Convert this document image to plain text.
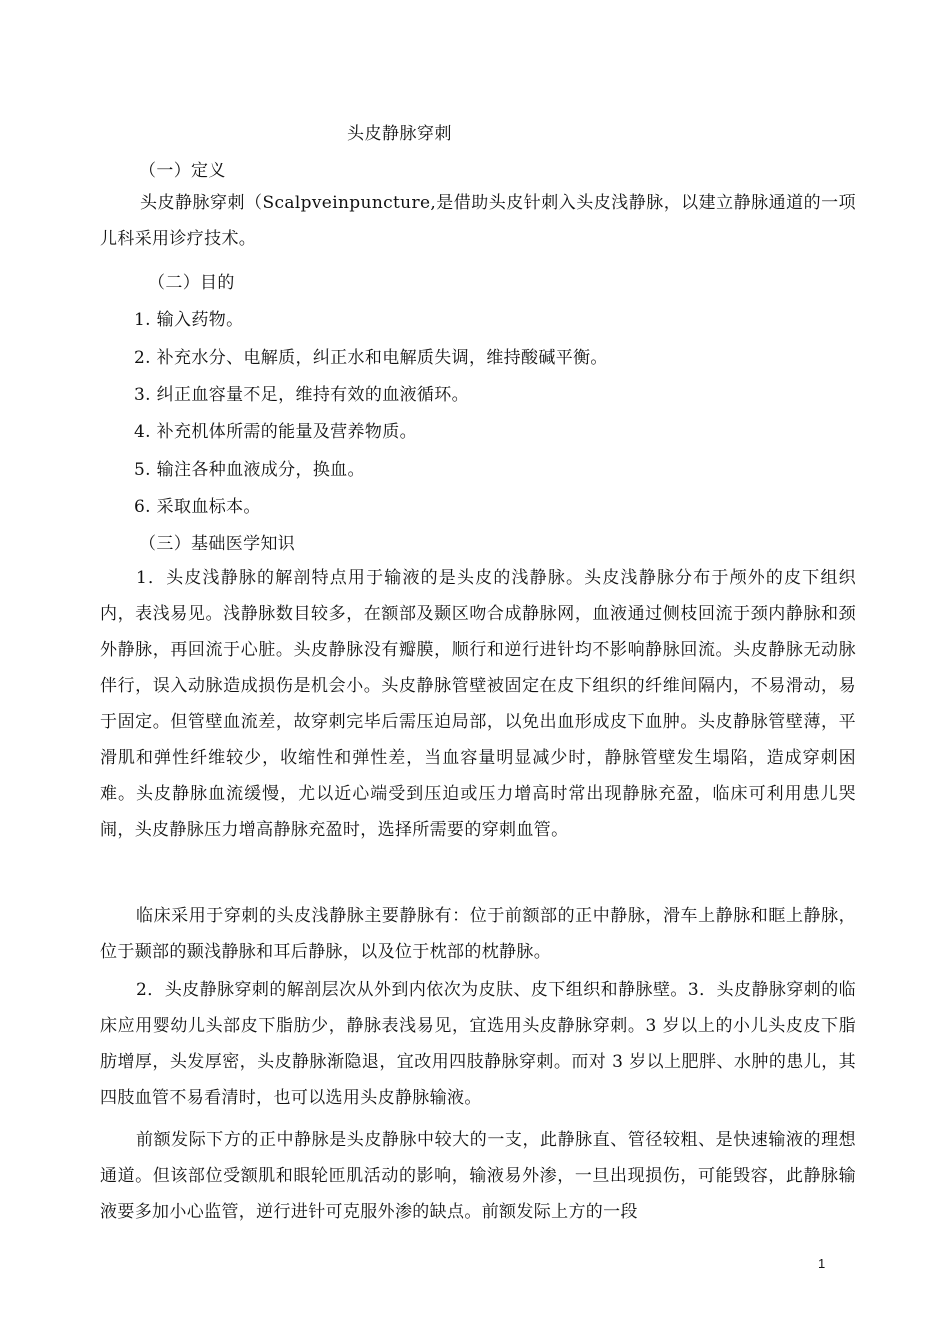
头皮静脉穿刺
（一）定义
头皮静脉穿刺（Scalpveinpuncture,是借助头皮针刺入头皮浅静脉，以建立静脉通道的一项儿科采用诊疗技术。
（二）目的
1. 输入药物。
2. 补充水分、电解质，纠正水和电解质失调，维持酸碱平衡。
3. 纠正血容量不足，维持有效的血液循环。
4. 补充机体所需的能量及营养物质。
5. 输注各种血液成分，换血。
6. 采取血标本。
（三）基础医学知识
1．头皮浅静脉的解剖特点用于输液的是头皮的浅静脉。头皮浅静脉分布于颅外的皮下组织内，表浅易见。浅静脉数目较多，在额部及颞区吻合成静脉网，血液通过侧枝回流于颈内静脉和颈外静脉，再回流于心脏。头皮静脉没有瓣膜，顺行和逆行进针均不影响静脉回流。头皮静脉无动脉伴行，误入动脉造成损伤是机会小。头皮静脉管壁被固定在皮下组织的纤维间隔内，不易滑动，易于固定。但管壁血流差，故穿刺完毕后需压迫局部，以免出血形成皮下血肿。头皮静脉管壁薄，平滑肌和弹性纤维较少，收缩性和弹性差，当血容量明显减少时，静脉管壁发生塌陷，造成穿刺困难。头皮静脉血流缓慢，尤以近心端受到压迫或压力增高时常出现静脉充盈，临床可利用患儿哭闹，头皮静脉压力增高静脉充盈时，选择所需要的穿刺血管。
临床采用于穿刺的头皮浅静脉主要静脉有：位于前额部的正中静脉，滑车上静脉和眶上静脉，位于颞部的颞浅静脉和耳后静脉，以及位于枕部的枕静脉。
2．头皮静脉穿刺的解剖层次从外到内依次为皮肤、皮下组织和静脉壁。3．头皮静脉穿刺的临床应用婴幼儿头部皮下脂肪少，静脉表浅易见，宜选用头皮静脉穿刺。3 岁以上的小儿头皮皮下脂肪增厚，头发厚密，头皮静脉渐隐退，宜改用四肢静脉穿刺。而对 3 岁以上肥胖、水肿的患儿，其四肢血管不易看清时，也可以选用头皮静脉输液。
前额发际下方的正中静脉是头皮静脉中较大的一支，此静脉直、管径较粗、是快速输液的理想通道。但该部位受额肌和眼轮匝肌活动的影响，输液易外渗，一旦出现损伤，可能毁容，此静脉输液要多加小心监管，逆行进针可克服外渗的缺点。前额发际上方的一段
1
